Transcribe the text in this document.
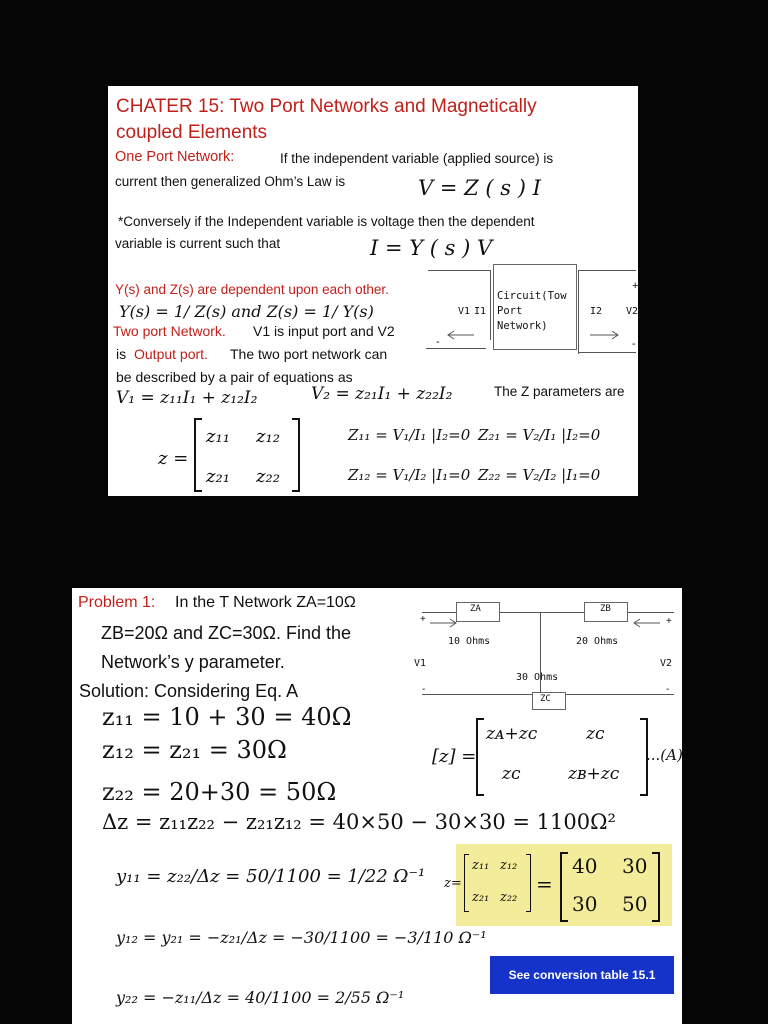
CHATER 15: Two Port Networks and Magnetically
coupled Elements
One Port Network:	If the independent variable (applied source) is
current then generalized Ohm’s Law is	V = Z ( s ) I
*Conversely if the Independent variable is voltage then the dependent
variable is current such that	I = Y ( s ) V
Y(s) and Z(s) are dependent upon each other.
Y(s) = 1/ Z(s) and Z(s) = 1/ Y(s)
Two port Network. V1 is input port and V2
is Output port. The two port network can
be described by a pair of equations as
V₁ = z₁₁I₁ + z₁₂I₂	V₂ = z₂₁I₁ + z₂₂I₂	The Z parameters are
z =
z₁₁ z₁₂
z₂₁ z₂₂
Z₁₁ = V₁/I₁ |I₂=0 Z₂₁ = V₂/I₁ |I₂=0
Z₁₂ = V₁/I₂ |I₁=0 Z₂₂ = V₂/I₂ |I₁=0
Circuit(Tow
Port
Network)
V1 I1	I2 V2
+
-	-
Problem 1: In the T Network ZA=10Ω
ZB=20Ω and ZC=30Ω. Find the
Network’s y parameter.
Solution: Considering Eq. A
z₁₁ = 10 + 30 = 40Ω
z₁₂ = z₂₁ = 30Ω
z₂₂ = 20+30 = 50Ω
Δz = z₁₁z₂₂ − z₂₁z₁₂ = 40×50 − 30×30 = 1100Ω²
y₁₁ = z₂₂/Δz = 50/1100 = 1/22 Ω⁻¹
y₁₂ = y₂₁ = −z₂₁/Δz = −30/1100 = −3/110 Ω⁻¹
y₂₂ = −z₁₁/Δz = 40/1100 = 2/55 Ω⁻¹
[z] =
zᴀ+zᴄ	zᴄ
zᴄ	zʙ+zᴄ
...(A)
z=
z₁₁ z₁₂
z₂₁ z₂₂
=
40 30
30 50
See conversion table 15.1
ZA	ZB
ZC
10 Ohms	20 Ohms
30 Ohms
V1	V2
+	+
-	-
